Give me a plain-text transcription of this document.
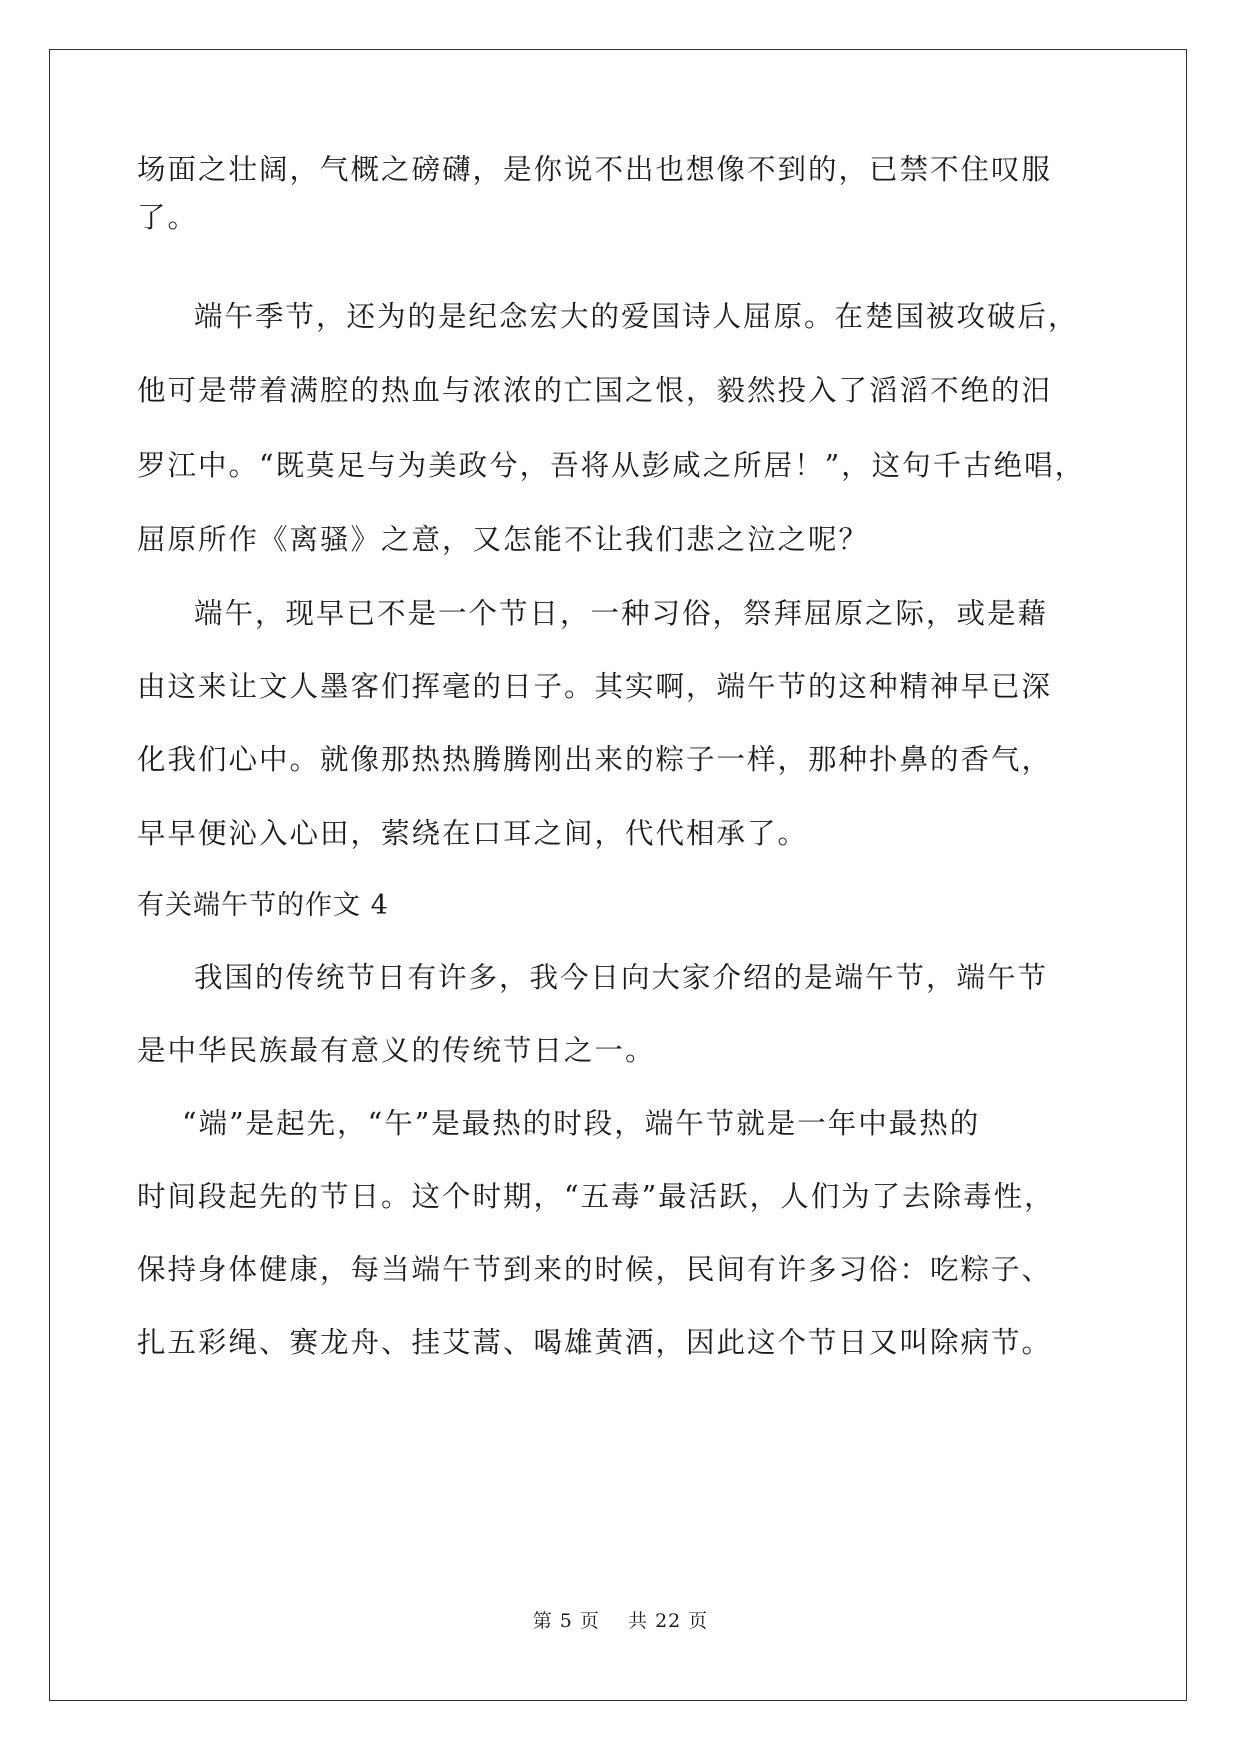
场面之壮阔，气概之磅礴，是你说不出也想像不到的，已禁不住叹服

了。

端午季节，还为的是纪念宏大的爱国诗人屈原。在楚国被攻破后，

他可是带着满腔的热血与浓浓的亡国之恨，毅然投入了滔滔不绝的汨

罗江中。“既莫足与为美政兮，吾将从彭咸之所居！”，这句千古绝唱，

屈原所作《离骚》之意，又怎能不让我们悲之泣之呢？

端午，现早已不是一个节日，一种习俗，祭拜屈原之际，或是藉

由这来让文人墨客们挥毫的日子。其实啊，端午节的这种精神早已深

化我们心中。就像那热热腾腾刚出来的粽子一样，那种扑鼻的香气，

早早便沁入心田，萦绕在口耳之间，代代相承了。

有关端午节的作文 4

我国的传统节日有许多，我今日向大家介绍的是端午节，端午节

是中华民族最有意义的传统节日之一。

“端”是起先，“午”是最热的时段，端午节就是一年中最热的

时间段起先的节日。这个时期，“五毒”最活跃，人们为了去除毒性，

保持身体健康，每当端午节到来的时候，民间有许多习俗：吃粽子、

扎五彩绳、赛龙舟、挂艾蒿、喝雄黄酒，因此这个节日又叫除病节。

第 5 页    共 22 页
